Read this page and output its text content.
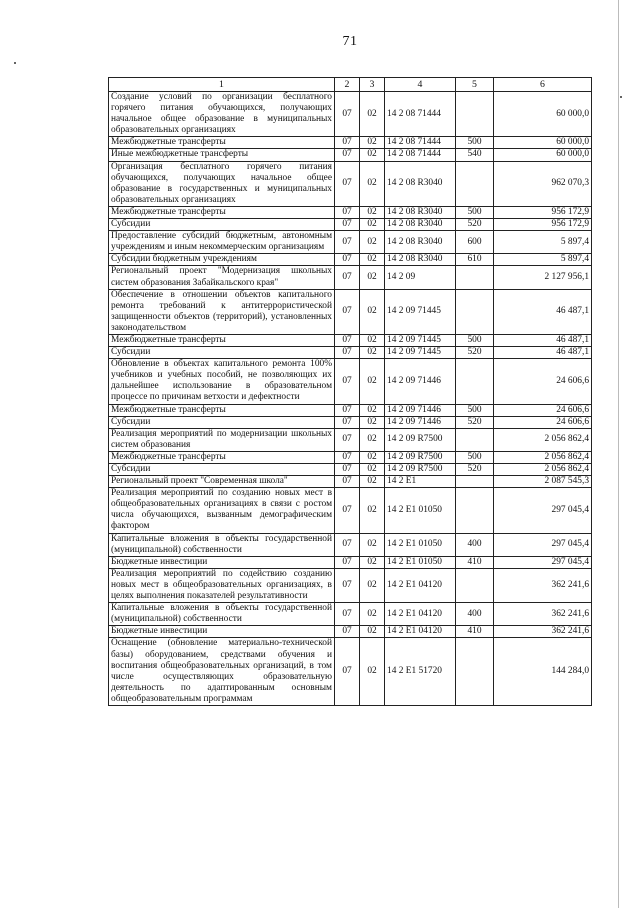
71
1	2	3	4	5	6
Создание условий по организации бесплатного горячего питания обучающихся, получающих начальное общее образование в муниципальных образовательных организациях	07	02	14 2 08 71444		60 000,0
Межбюджетные трансферты	07	02	14 2 08 71444	500	60 000,0
Иные межбюджетные трансферты	07	02	14 2 08 71444	540	60 000,0
Организация бесплатного горячего питания обучающихся, получающих начальное общее образование в государственных и муниципальных образовательных организациях	07	02	14 2 08 R3040		962 070,3
Межбюджетные трансферты	07	02	14 2 08 R3040	500	956 172,9
Субсидии	07	02	14 2 08 R3040	520	956 172,9
Предоставление субсидий бюджетным, автономным учреждениям и иным некоммерческим организациям	07	02	14 2 08 R3040	600	5 897,4
Субсидии бюджетным учреждениям	07	02	14 2 08 R3040	610	5 897,4
Региональный проект "Модернизация школьных систем образования Забайкальского края"	07	02	14 2 09		2 127 956,1
Обеспечение в отношении объектов капитального ремонта требований к антитеррористической защищенности объектов (территорий), установленных законодательством	07	02	14 2 09 71445		46 487,1
Межбюджетные трансферты	07	02	14 2 09 71445	500	46 487,1
Субсидии	07	02	14 2 09 71445	520	46 487,1
Обновление в объектах капитального ремонта 100% учебников и учебных пособий, не позволяющих их дальнейшее использование в образовательном процессе по причинам ветхости и дефектности	07	02	14 2 09 71446		24 606,6
Межбюджетные трансферты	07	02	14 2 09 71446	500	24 606,6
Субсидии	07	02	14 2 09 71446	520	24 606,6
Реализация мероприятий по модернизации школьных систем образования	07	02	14 2 09 R7500		2 056 862,4
Межбюджетные трансферты	07	02	14 2 09 R7500	500	2 056 862,4
Субсидии	07	02	14 2 09 R7500	520	2 056 862,4
Региональный проект "Современная школа"	07	02	14 2 E1		2 087 545,3
Реализация мероприятий по созданию новых мест в общеобразовательных организациях в связи с ростом числа обучающихся, вызванным демографическим фактором	07	02	14 2 E1 01050		297 045,4
Капитальные вложения в объекты государственной (муниципальной) собственности	07	02	14 2 E1 01050	400	297 045,4
Бюджетные инвестиции	07	02	14 2 E1 01050	410	297 045,4
Реализация мероприятий по содействию созданию новых мест в общеобразовательных организациях, в целях выполнения показателей результативности	07	02	14 2 E1 04120		362 241,6
Капитальные вложения в объекты государственной (муниципальной) собственности	07	02	14 2 E1 04120	400	362 241,6
Бюджетные инвестиции	07	02	14 2 E1 04120	410	362 241,6
Оснащение (обновление материально-технической базы) оборудованием, средствами обучения и воспитания общеобразовательных организаций, в том числе осуществляющих образовательную деятельность по адаптированным основным общеобразовательным программам	07	02	14 2 E1 51720		144 284,0
